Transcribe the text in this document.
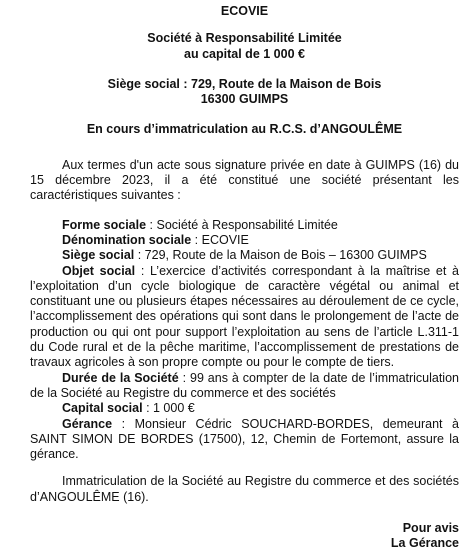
ECOVIE
Société à Responsabilité Limitée
au capital de 1 000 €
Siège social : 729, Route de la Maison de Bois
16300 GUIMPS
En cours d’immatriculation au R.C.S. d’ANGOULÊME
Aux termes d'un acte sous signature privée en date à GUIMPS (16) du 15 décembre 2023, il a été constitué une société présentant les caractéristiques suivantes :
Forme sociale : Société à Responsabilité Limitée
Dénomination sociale : ECOVIE
Siège social : 729, Route de la Maison de Bois – 16300 GUIMPS
Objet social : L’exercice d’activités correspondant à la maîtrise et à l’exploitation d’un cycle biologique de caractère végétal ou animal et constituant une ou plusieurs étapes nécessaires au déroulement de ce cycle, l’accomplissement des opérations qui sont dans le prolongement de l’acte de production ou qui ont pour support l’exploitation au sens de l’article L.311-1 du Code rural et de la pêche maritime, l’accomplissement de prestations de travaux agricoles à son propre compte ou pour le compte de tiers.
Durée de la Société : 99 ans à compter de la date de l’immatriculation de la Société au Registre du commerce et des sociétés
Capital social : 1 000 €
Gérance : Monsieur Cédric SOUCHARD-BORDES, demeurant à SAINT SIMON DE BORDES (17500), 12, Chemin de Fortemont, assure la gérance.
Immatriculation de la Société au Registre du commerce et des sociétés d’ANGOULÊME (16).
Pour avis
La Gérance
